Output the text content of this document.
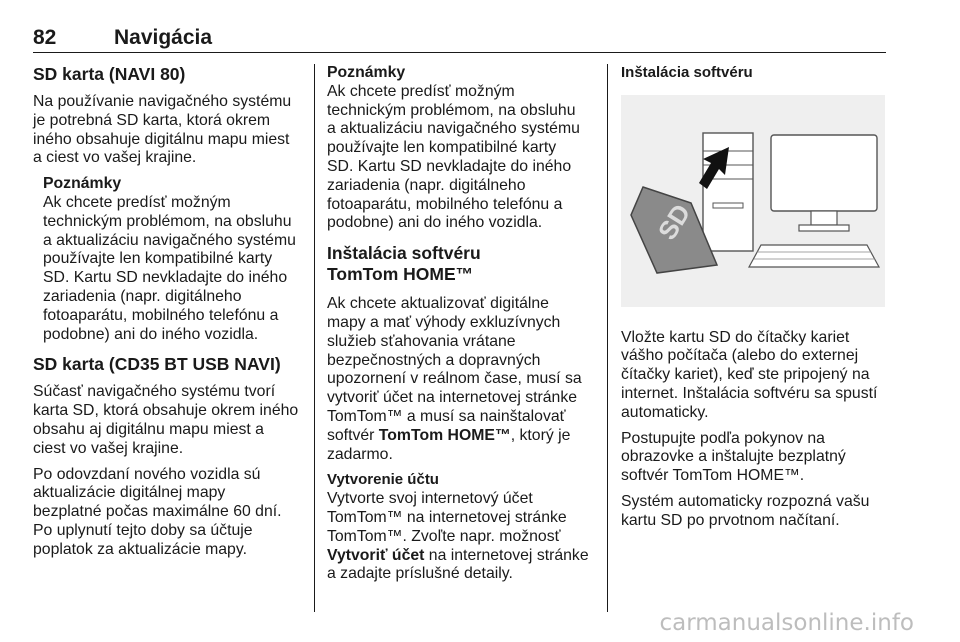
82	Navigácia
SD karta (NAVI 80)

Na používanie navigačného systému
je potrebná SD karta, ktorá okrem
iného obsahuje digitálnu mapu miest
a ciest vo vašej krajine.

Poznámky
Ak chcete predísť možným
technickým problémom, na obsluhu
a aktualizáciu navigačného systému
používajte len kompatibilné karty
SD. Kartu SD nevkladajte do iného
zariadenia (napr. digitálneho
fotoaparátu, mobilného telefónu a
podobne) ani do iného vozidla.
SD karta (CD35 BT USB NAVI)

Súčasť navigačného systému tvorí
karta SD, ktorá obsahuje okrem iného
obsahu aj digitálnu mapu miest a
ciest vo vašej krajine.

Po odovzdaní nového vozidla sú
aktualizácie digitálnej mapy
bezplatné počas maximálne 60 dní.
Po uplynutí tejto doby sa účtuje
poplatok za aktualizácie mapy.

Poznámky
Ak chcete predísť možným
technickým problémom, na obsluhu
a aktualizáciu navigačného systému
používajte len kompatibilné karty
SD. Kartu SD nevkladajte do iného
zariadenia (napr. digitálneho
fotoaparátu, mobilného telefónu a
podobne) ani do iného vozidla.
Inštalácia softvéru
TomTom HOME™

Ak chcete aktualizovať digitálne
mapy a mať výhody exkluzívnych
služieb sťahovania vrátane
bezpečnostných a dopravných
upozornení v reálnom čase, musí sa
vytvoriť účet na internetovej stránke
TomTom™ a musí sa nainštalovať
softvér TomTom HOME™, ktorý je
zadarmo.

Vytvorenie účtu

Vytvorte svoj internetový účet
TomTom™ na internetovej stránke
TomTom™. Zvoľte napr. možnosť
Vytvoriť účet na internetovej stránke
a zadajte príslušné detaily.

Inštalácia softvéru
SD

Vložte kartu SD do čítačky kariet
vášho počítača (alebo do externej
čítačky kariet), keď ste pripojený na
internet. Inštalácia softvéru sa spustí
automaticky.

Postupujte podľa pokynov na
obrazovke a inštalujte bezplatný
softvér TomTom HOME™.

Systém automaticky rozpozná vašu
kartu SD po prvotnom načítaní.

carmanualsonline.info
